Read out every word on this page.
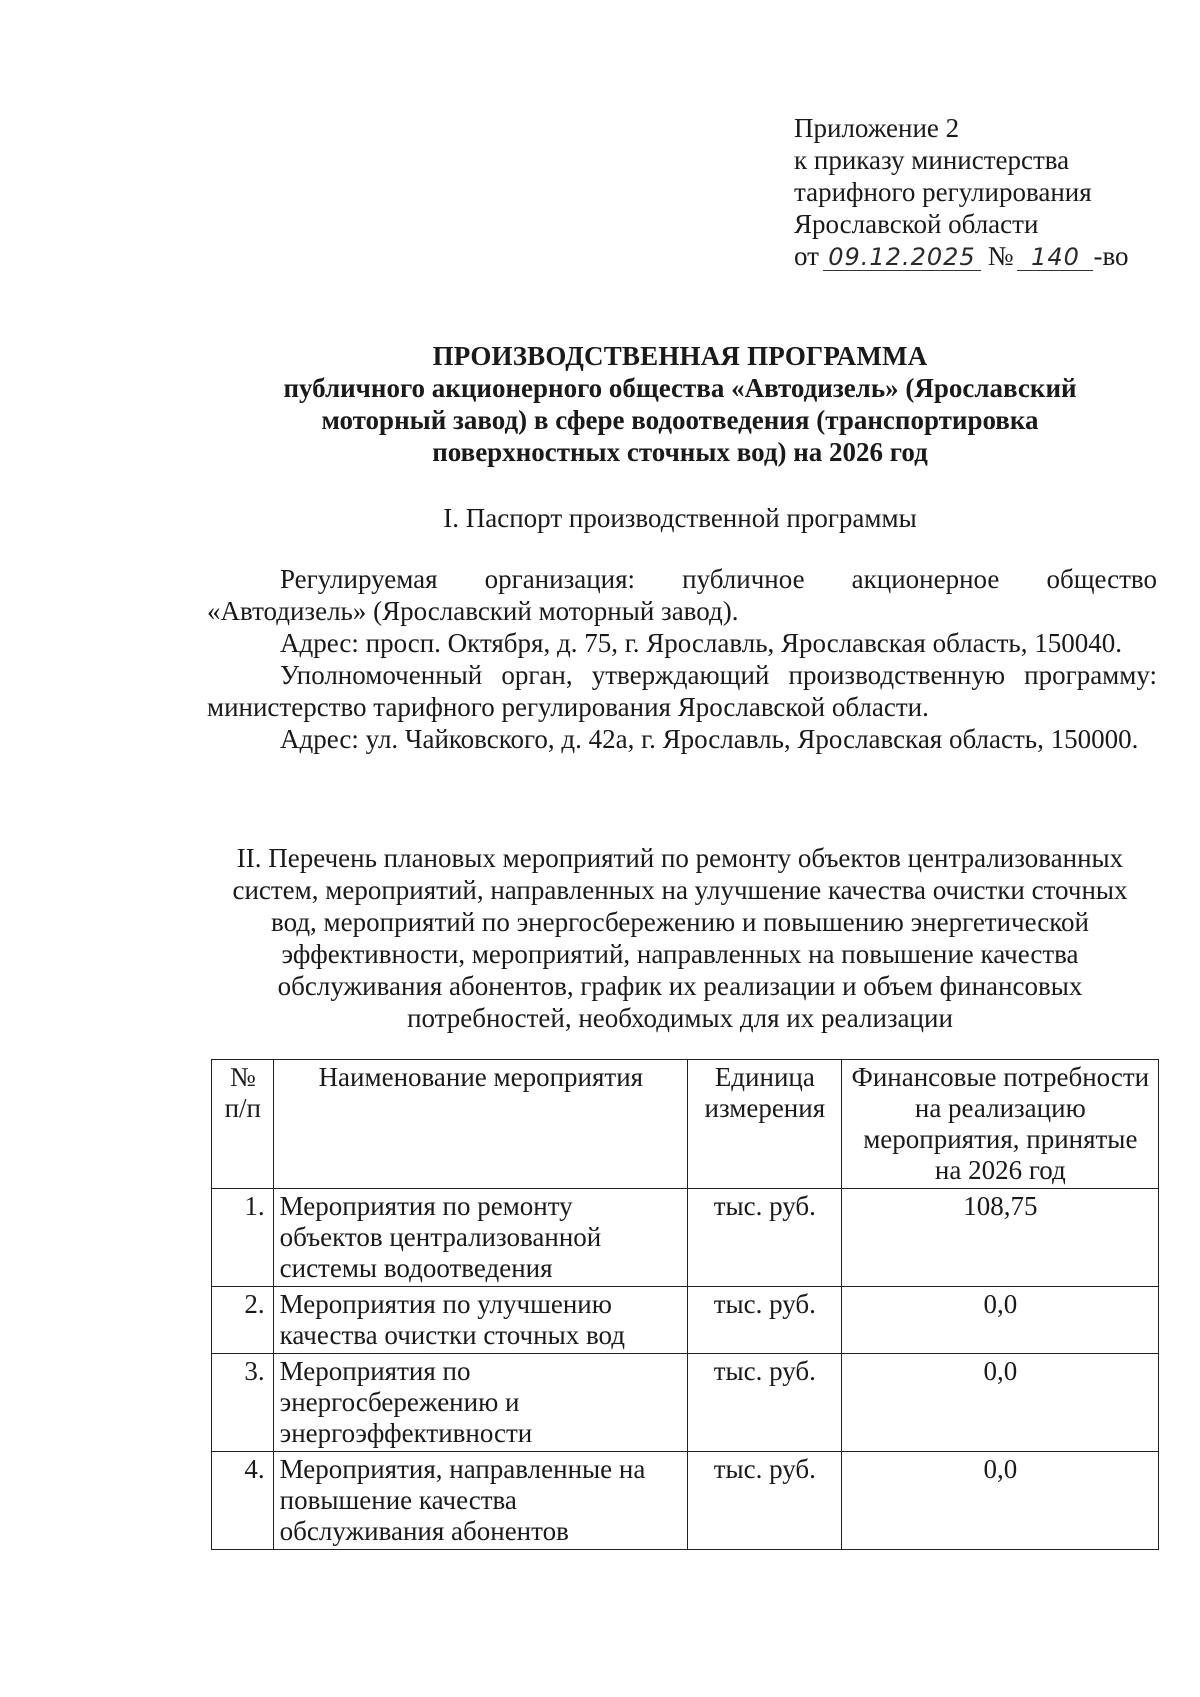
Приложение 2
к приказу министерства
тарифного регулирования
Ярославской области
от 09.12.2025 № 140 -во
ПРОИЗВОДСТВЕННАЯ ПРОГРАММА
публичного акционерного общества «Автодизель» (Ярославский
моторный завод) в сфере водоотведения (транспортировка
поверхностных сточных вод) на 2026 год
I. Паспорт производственной программы

Регулируемая организация: публичное акционерное общество «Автодизель» (Ярославский моторный завод).

Адрес: просп. Октября, д. 75, г. Ярославль, Ярославская область, 150040.

Уполномоченный орган, утверждающий производственную программу: министерство тарифного регулирования Ярославской области.

Адрес: ул. Чайковского, д. 42а, г. Ярославль, Ярославская область, 150000.

II. Перечень плановых мероприятий по ремонту объектов централизованных
систем, мероприятий, направленных на улучшение качества очистки сточных
вод, мероприятий по энергосбережению и повышению энергетической
эффективности, мероприятий, направленных на повышение качества
обслуживания абонентов, график их реализации и объем финансовых
потребностей, необходимых для их реализации
№ п/п	Наименование мероприятия	Единица измерения	Финансовые потребности на реализацию мероприятия, принятые на 2026 год
1.	Мероприятия по ремонту объектов централизованной системы водоотведения	тыс. руб.	108,75
2.	Мероприятия по улучшению качества очистки сточных вод	тыс. руб.	0,0
3.	Мероприятия по энергосбережению и энергоэффективности	тыс. руб.	0,0
4.	Мероприятия, направленные на повышение качества обслуживания абонентов	тыс. руб.	0,0
